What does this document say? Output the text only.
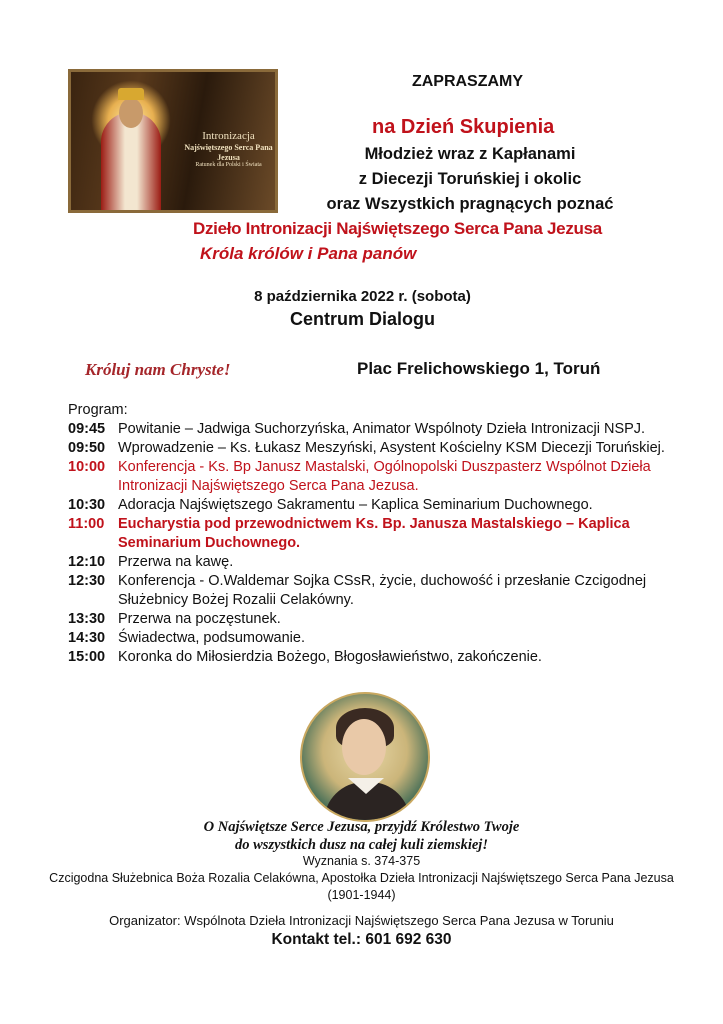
Intronizacja
Najświętszego Serca Pana Jezusa
Ratunek dla Polski i Świata
ZAPRASZAMY
na Dzień Skupienia
Młodzież wraz z Kapłanami
z Diecezji Toruńskiej i okolic
oraz Wszystkich pragnących poznać
Dzieło Intronizacji Najświętszego Serca Pana Jezusa
Króla królów i Pana panów
8 października 2022 r. (sobota)
Centrum Dialogu
Króluj nam Chryste!	Plac Frelichowskiego 1, Toruń
Program:
09:45 Powitanie – Jadwiga Suchorzyńska, Animator Wspólnoty Dzieła Intronizacji NSPJ.
09:50 Wprowadzenie – Ks. Łukasz Meszyński, Asystent Kościelny KSM Diecezji Toruńskiej.
10:00 Konferencja - Ks. Bp Janusz Mastalski, Ogólnopolski Duszpasterz Wspólnot Dzieła Intronizacji Najświętszego Serca Pana Jezusa.
10:30 Adoracja Najświętszego Sakramentu – Kaplica Seminarium Duchownego.
11:00 Eucharystia pod przewodnictwem Ks. Bp. Janusza Mastalskiego – Kaplica Seminarium Duchownego.
12:10 Przerwa na kawę.
12:30 Konferencja - O.Waldemar Sojka CSsR, życie, duchowość i przesłanie Czcigodnej Służebnicy Bożej Rozalii Celakówny.
13:30 Przerwa na poczęstunek.
14:30 Świadectwa, podsumowanie.
15:00 Koronka do Miłosierdzia Bożego, Błogosławieństwo, zakończenie.
O Najświętsze Serce Jezusa, przyjdź Królestwo Twoje
do wszystkich dusz na całej kuli ziemskiej!
Wyznania s. 374-375
Czcigodna Służebnica Boża Rozalia Celakówna, Apostołka Dzieła Intronizacji Najświętszego Serca Pana Jezusa
(1901-1944)
Organizator: Wspólnota Dzieła Intronizacji Najświętszego Serca Pana Jezusa w Toruniu
Kontakt tel.: 601 692 630
